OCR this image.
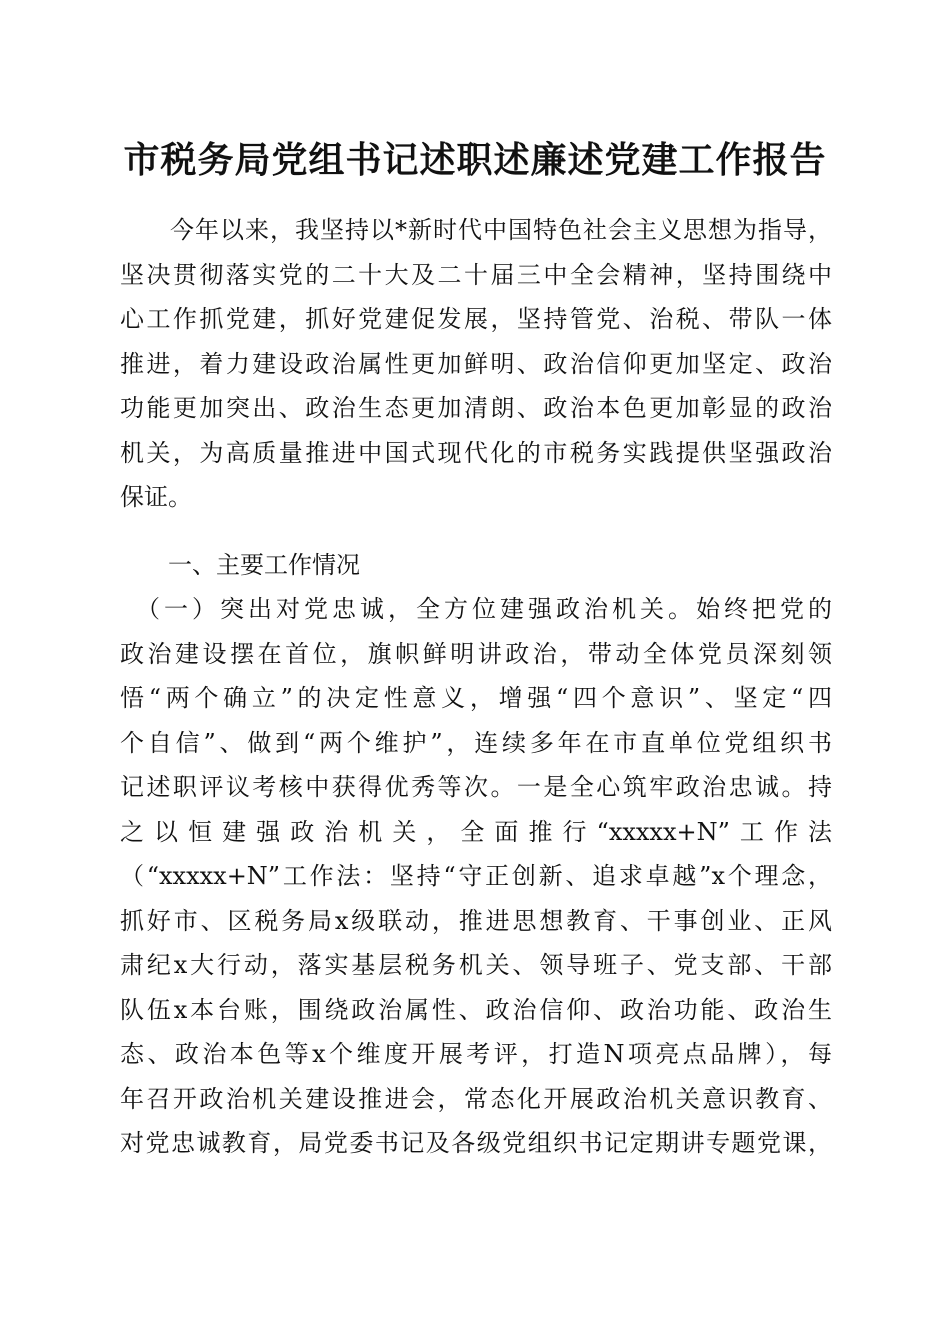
市税务局党组书记述职述廉述党建工作报告
　　今年以来，我坚持以*新时代中国特色社会主义思想为指导，
坚决贯彻落实党的二十大及二十届三中全会精神，坚持围绕中
心工作抓党建，抓好党建促发展，坚持管党、治税、带队一体
推进，着力建设政治属性更加鲜明、政治信仰更加坚定、政治
功能更加突出、政治生态更加清朗、政治本色更加彰显的政治
机关，为高质量推进中国式现代化的市税务实践提供坚强政治
保证。
一、主要工作情况
　（一）突出对党忠诚，全方位建强政治机关。始终把党的
政治建设摆在首位，旗帜鲜明讲政治，带动全体党员深刻领
悟“两个确立”的决定性意义，增强“四个意识”、坚定“四
个自信”、做到“两个维护”，连续多年在市直单位党组织书
记述职评议考核中获得优秀等次。一是全心筑牢政治忠诚。持
之以恒建强政治机关，全面推行“xxxxx+N”工作法
（“xxxxx+N”工作法：坚持“守正创新、追求卓越”x个理念，
抓好市、区税务局x级联动，推进思想教育、干事创业、正风
肃纪x大行动，落实基层税务机关、领导班子、党支部、干部
队伍x本台账，围绕政治属性、政治信仰、政治功能、政治生
态、政治本色等x个维度开展考评，打造N项亮点品牌），每
年召开政治机关建设推进会，常态化开展政治机关意识教育、
对党忠诚教育，局党委书记及各级党组织书记定期讲专题党课，
